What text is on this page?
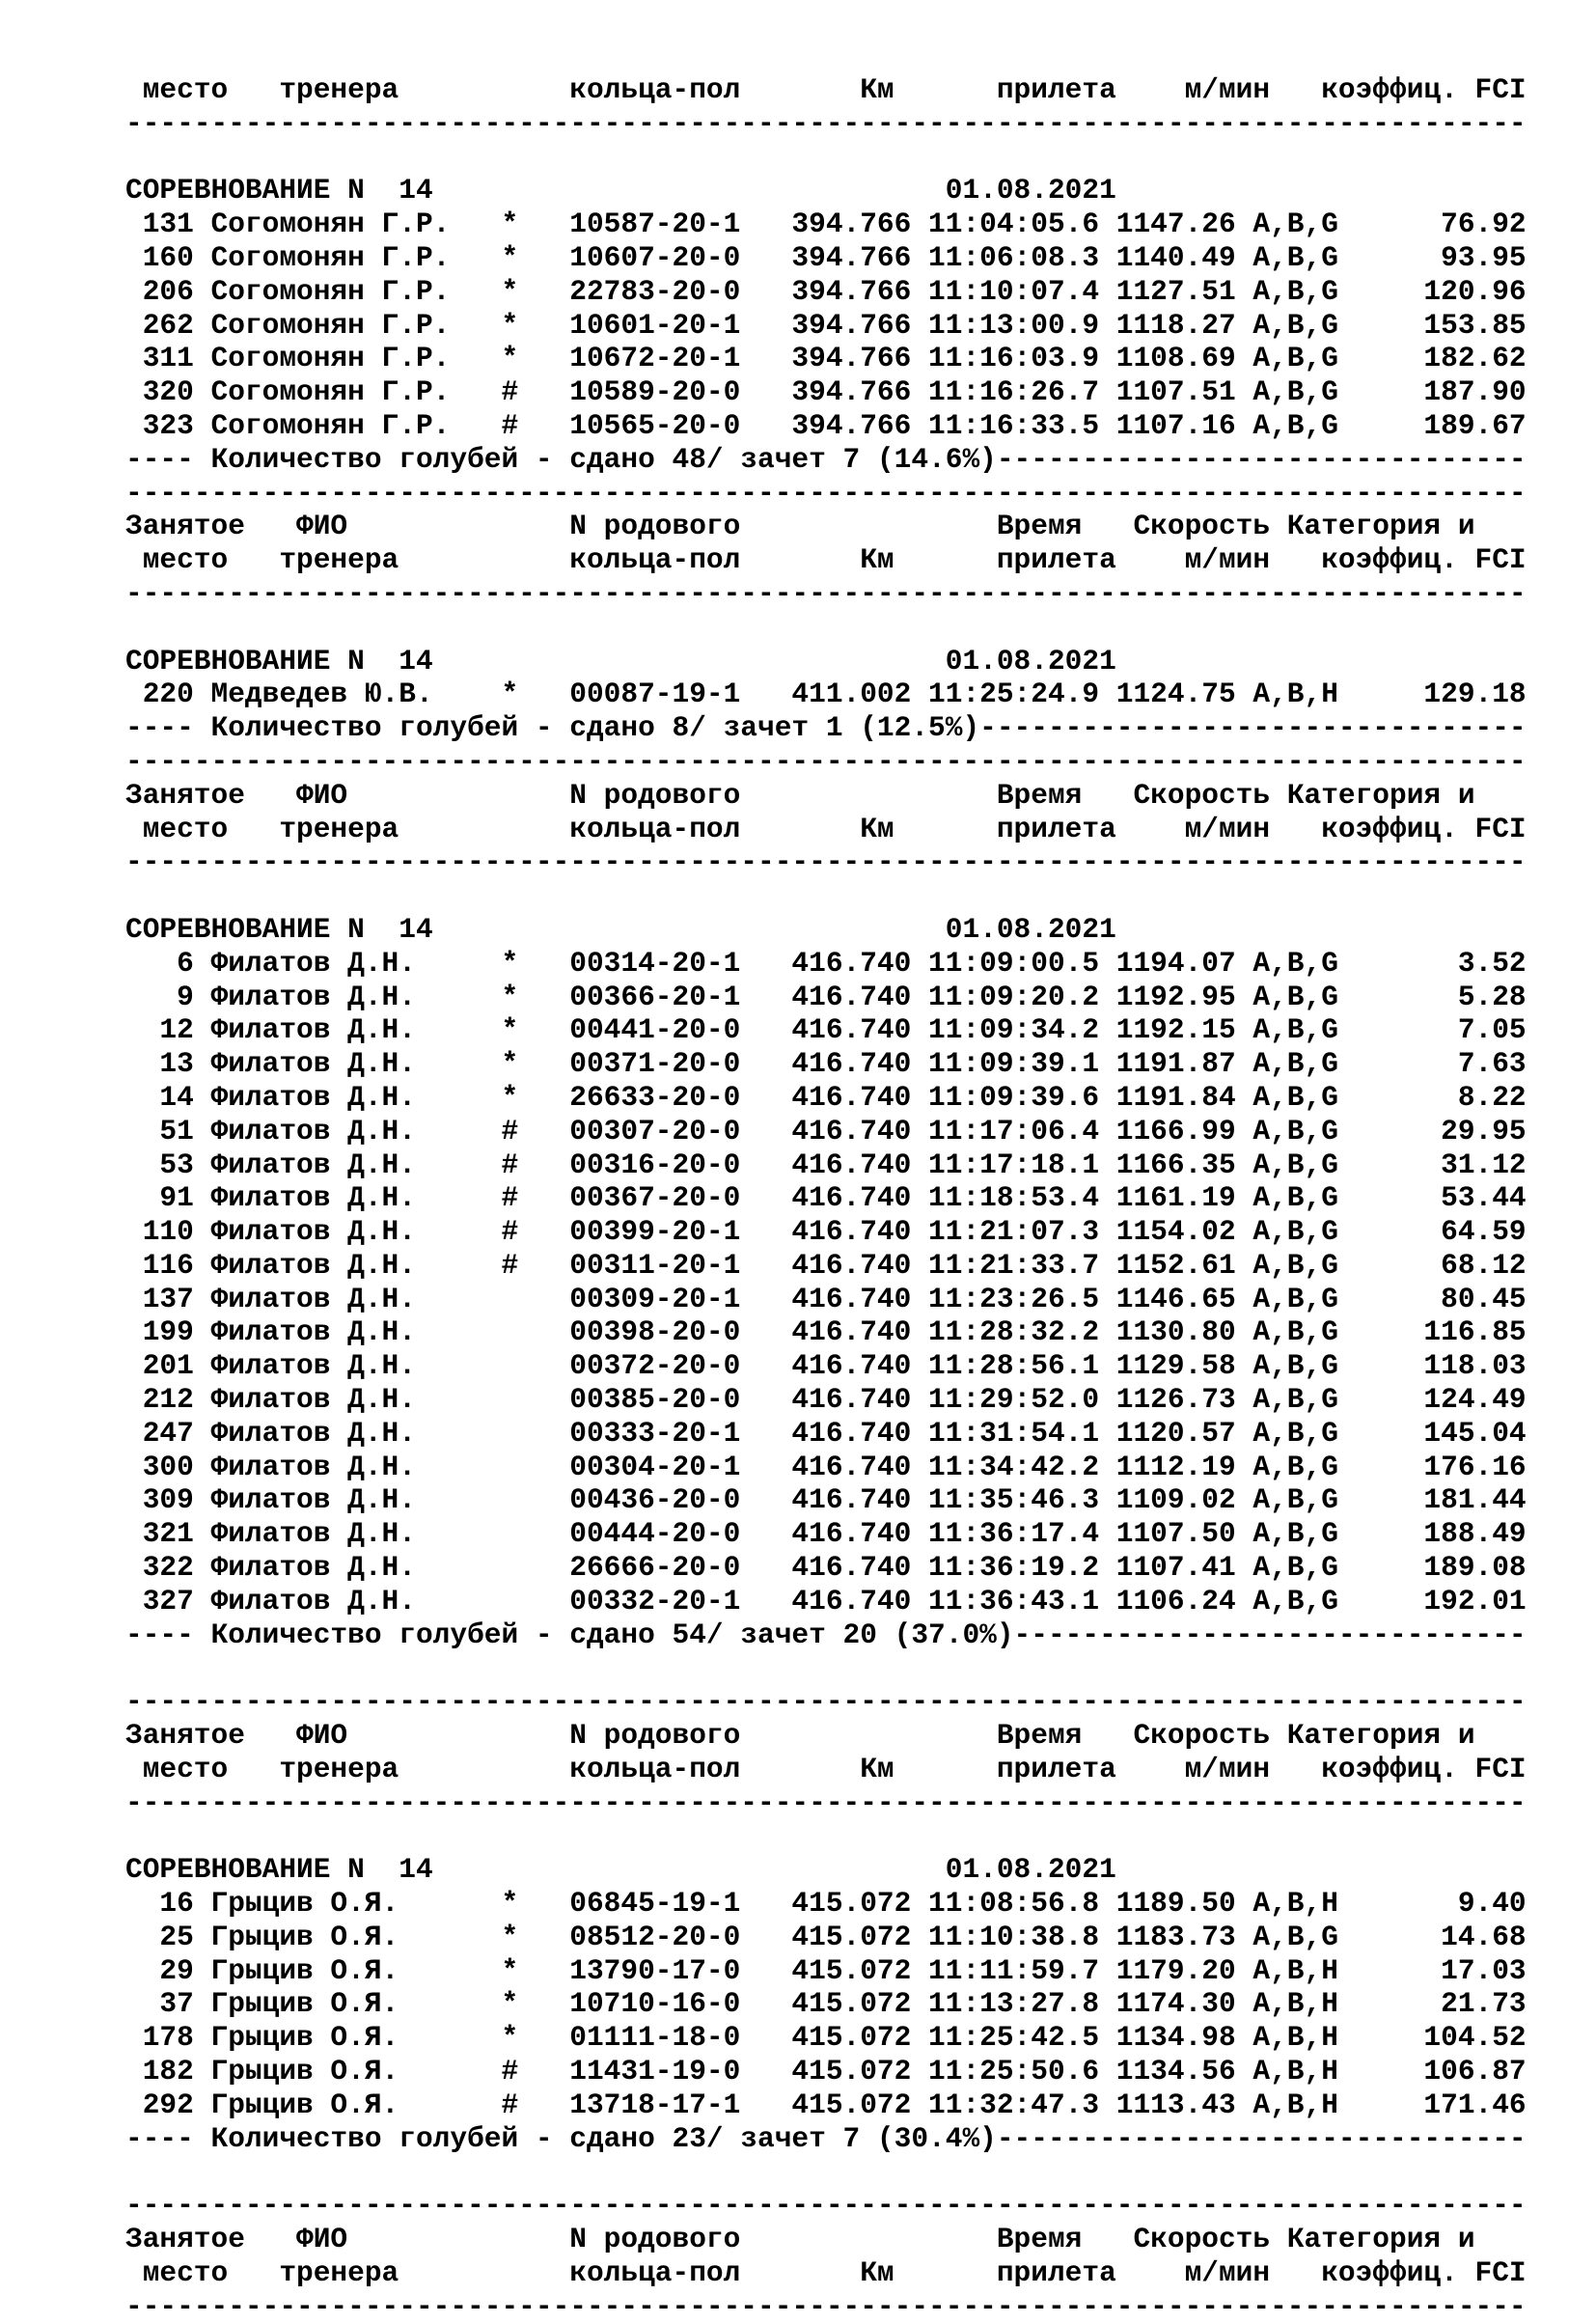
место   тренера          кольца-пол       Км      прилета    м/мин   коэффиц. FCI
----------------------------------------------------------------------------------
СОРЕВНОВАНИЕ N  14                              01.08.2021
131 Согомонян Г.Р.   *   10587-20-1   394.766 11:04:05.6 1147.26 A,B,G      76.92
160 Согомонян Г.Р.   *   10607-20-0   394.766 11:06:08.3 1140.49 A,B,G      93.95
206 Согомонян Г.Р.   *   22783-20-0   394.766 11:10:07.4 1127.51 A,B,G     120.96
262 Согомонян Г.Р.   *   10601-20-1   394.766 11:13:00.9 1118.27 A,B,G     153.85
311 Согомонян Г.Р.   *   10672-20-1   394.766 11:16:03.9 1108.69 A,B,G     182.62
320 Согомонян Г.Р.   #   10589-20-0   394.766 11:16:26.7 1107.51 A,B,G     187.90
323 Согомонян Г.Р.   #   10565-20-0   394.766 11:16:33.5 1107.16 A,B,G     189.67
---- Количество голубей - сдано 48/ зачет 7 (14.6%)-------------------------------
----------------------------------------------------------------------------------
Занятое   ФИО             N родового               Время   Скорость Категория и
место   тренера          кольца-пол       Км      прилета    м/мин   коэффиц. FCI
----------------------------------------------------------------------------------
СОРЕВНОВАНИЕ N  14                              01.08.2021
220 Медведев Ю.В.    *   00087-19-1   411.002 11:25:24.9 1124.75 A,B,H     129.18
---- Количество голубей - сдано 8/ зачет 1 (12.5%)--------------------------------
----------------------------------------------------------------------------------
Занятое   ФИО             N родового               Время   Скорость Категория и
место   тренера          кольца-пол       Км      прилета    м/мин   коэффиц. FCI
----------------------------------------------------------------------------------
СОРЕВНОВАНИЕ N  14                              01.08.2021
6 Филатов Д.Н.     *   00314-20-1   416.740 11:09:00.5 1194.07 A,B,G       3.52
9 Филатов Д.Н.     *   00366-20-1   416.740 11:09:20.2 1192.95 A,B,G       5.28
12 Филатов Д.Н.     *   00441-20-0   416.740 11:09:34.2 1192.15 A,B,G       7.05
13 Филатов Д.Н.     *   00371-20-0   416.740 11:09:39.1 1191.87 A,B,G       7.63
14 Филатов Д.Н.     *   26633-20-0   416.740 11:09:39.6 1191.84 A,B,G       8.22
51 Филатов Д.Н.     #   00307-20-0   416.740 11:17:06.4 1166.99 A,B,G      29.95
53 Филатов Д.Н.     #   00316-20-0   416.740 11:17:18.1 1166.35 A,B,G      31.12
91 Филатов Д.Н.     #   00367-20-0   416.740 11:18:53.4 1161.19 A,B,G      53.44
110 Филатов Д.Н.     #   00399-20-1   416.740 11:21:07.3 1154.02 A,B,G      64.59
116 Филатов Д.Н.     #   00311-20-1   416.740 11:21:33.7 1152.61 A,B,G      68.12
137 Филатов Д.Н.         00309-20-1   416.740 11:23:26.5 1146.65 A,B,G      80.45
199 Филатов Д.Н.         00398-20-0   416.740 11:28:32.2 1130.80 A,B,G     116.85
201 Филатов Д.Н.         00372-20-0   416.740 11:28:56.1 1129.58 A,B,G     118.03
212 Филатов Д.Н.         00385-20-0   416.740 11:29:52.0 1126.73 A,B,G     124.49
247 Филатов Д.Н.         00333-20-1   416.740 11:31:54.1 1120.57 A,B,G     145.04
300 Филатов Д.Н.         00304-20-1   416.740 11:34:42.2 1112.19 A,B,G     176.16
309 Филатов Д.Н.         00436-20-0   416.740 11:35:46.3 1109.02 A,B,G     181.44
321 Филатов Д.Н.         00444-20-0   416.740 11:36:17.4 1107.50 A,B,G     188.49
322 Филатов Д.Н.         26666-20-0   416.740 11:36:19.2 1107.41 A,B,G     189.08
327 Филатов Д.Н.         00332-20-1   416.740 11:36:43.1 1106.24 A,B,G     192.01
---- Количество голубей - сдано 54/ зачет 20 (37.0%)------------------------------
----------------------------------------------------------------------------------
Занятое   ФИО             N родового               Время   Скорость Категория и
место   тренера          кольца-пол       Км      прилета    м/мин   коэффиц. FCI
----------------------------------------------------------------------------------
СОРЕВНОВАНИЕ N  14                              01.08.2021
16 Грыцив О.Я.      *   06845-19-1   415.072 11:08:56.8 1189.50 A,B,H       9.40
25 Грыцив О.Я.      *   08512-20-0   415.072 11:10:38.8 1183.73 A,B,G      14.68
29 Грыцив О.Я.      *   13790-17-0   415.072 11:11:59.7 1179.20 A,B,H      17.03
37 Грыцив О.Я.      *   10710-16-0   415.072 11:13:27.8 1174.30 A,B,H      21.73
178 Грыцив О.Я.      *   01111-18-0   415.072 11:25:42.5 1134.98 A,B,H     104.52
182 Грыцив О.Я.      #   11431-19-0   415.072 11:25:50.6 1134.56 A,B,H     106.87
292 Грыцив О.Я.      #   13718-17-1   415.072 11:32:47.3 1113.43 A,B,H     171.46
---- Количество голубей - сдано 23/ зачет 7 (30.4%)-------------------------------
----------------------------------------------------------------------------------
Занятое   ФИО             N родового               Время   Скорость Категория и
место   тренера          кольца-пол       Км      прилета    м/мин   коэффиц. FCI
----------------------------------------------------------------------------------
